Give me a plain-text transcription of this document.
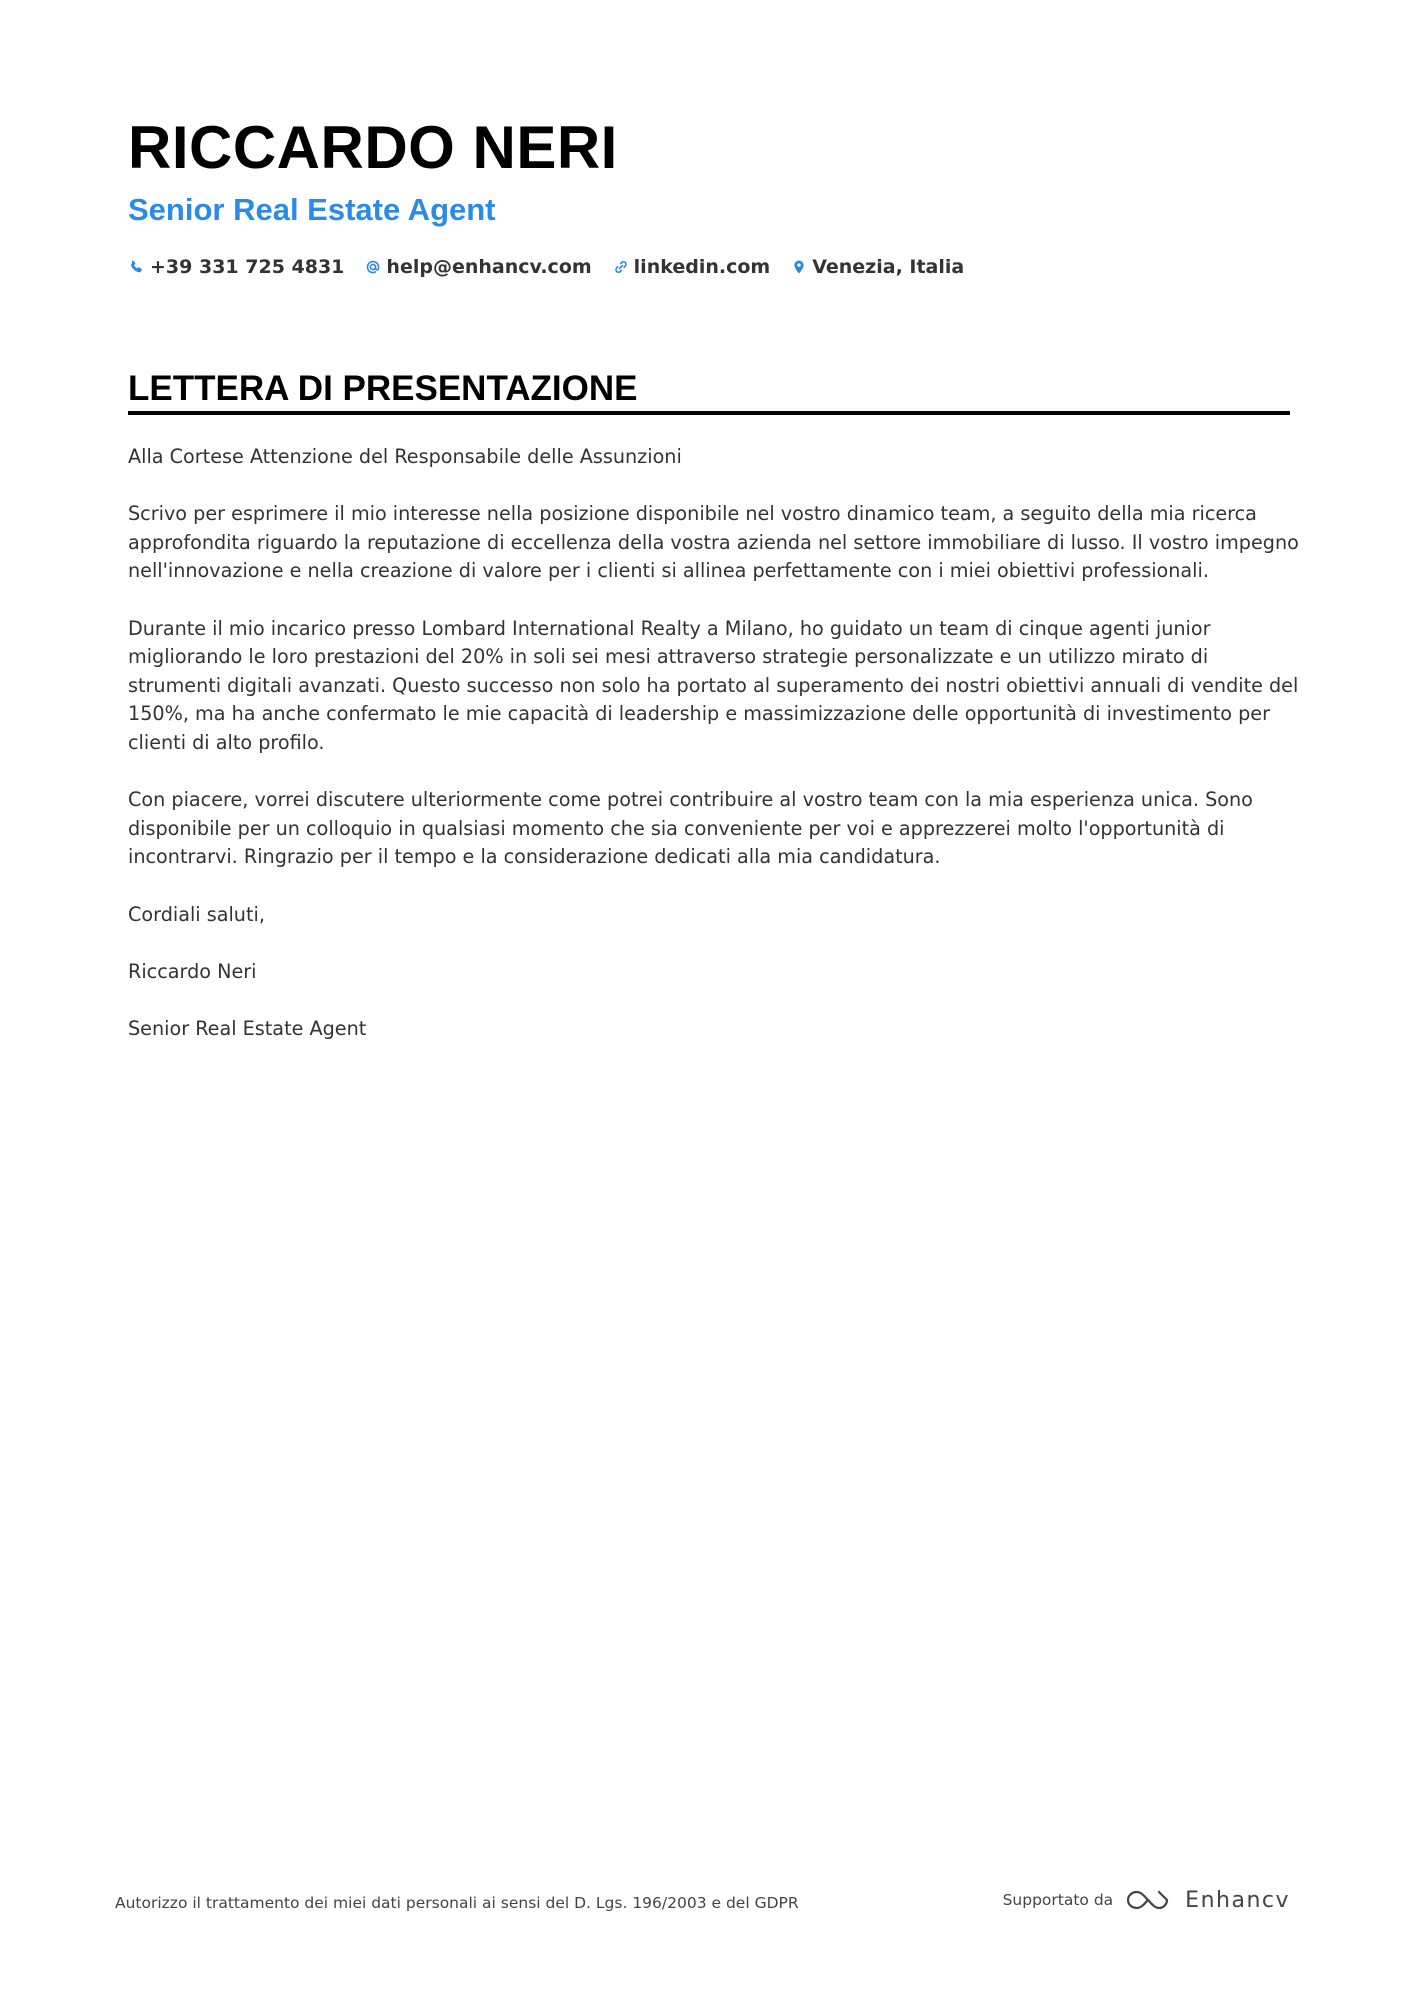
RICCARDO NERI
Senior Real Estate Agent
+39 331 725 4831 help@enhancv.com linkedin.com Venezia, Italia
LETTERA DI PRESENTAZIONE

Alla Cortese Attenzione del Responsabile delle Assunzioni

Scrivo per esprimere il mio interesse nella posizione disponibile nel vostro dinamico team, a seguito della mia ricerca approfondita riguardo la reputazione di eccellenza della vostra azienda nel settore immobiliare di lusso. Il vostro impegno nell'innovazione e nella creazione di valore per i clienti si allinea perfettamente con i miei obiettivi professionali.

Durante il mio incarico presso Lombard International Realty a Milano, ho guidato un team di cinque agenti junior migliorando le loro prestazioni del 20% in soli sei mesi attraverso strategie personalizzate e un utilizzo mirato di strumenti digitali avanzati. Questo successo non solo ha portato al superamento dei nostri obiettivi annuali di vendite del 150%, ma ha anche confermato le mie capacità di leadership e massimizzazione delle opportunità di investimento per clienti di alto profilo.

Con piacere, vorrei discutere ulteriormente come potrei contribuire al vostro team con la mia esperienza unica. Sono disponibile per un colloquio in qualsiasi momento che sia conveniente per voi e apprezzerei molto l'opportunità di incontrarvi. Ringrazio per il tempo e la considerazione dedicati alla mia candidatura.

Cordiali saluti,

Riccardo Neri

Senior Real Estate Agent

Autorizzo il trattamento dei miei dati personali ai sensi del D. Lgs. 196/2003 e del GDPR	Supportato da	Enhancv
